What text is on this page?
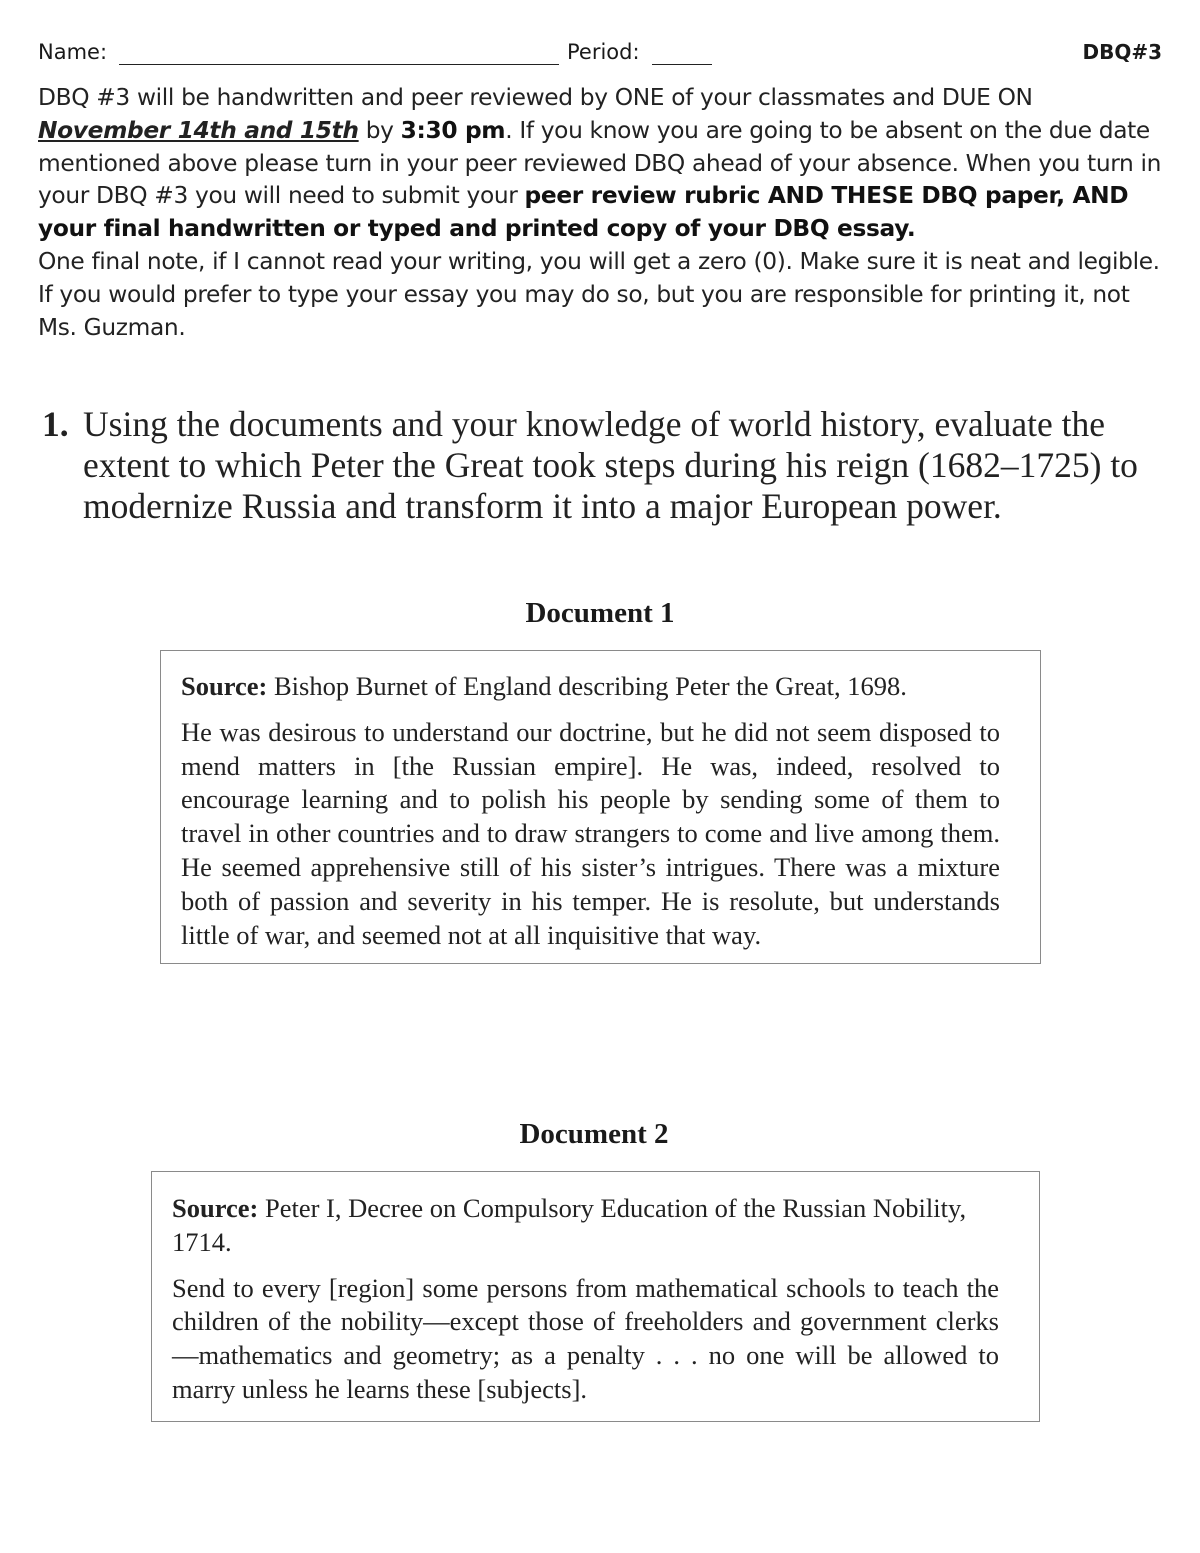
Name:	Period:	DBQ#3

DBQ #3 will be handwritten and peer reviewed by ONE of your classmates and DUE ON November 14th and 15th by 3:30 pm. If you know you are going to be absent on the due date mentioned above please turn in your peer reviewed DBQ ahead of your absence. When you turn in your DBQ #3 you will need to submit your peer review rubric AND THESE DBQ paper, AND your final handwritten or typed and printed copy of your DBQ essay.

One final note, if I cannot read your writing, you will get a zero (0). Make sure it is neat and legible. If you would prefer to type your essay you may do so, but you are responsible for printing it, not Ms. Guzman.

1. Using the documents and your knowledge of world history, evaluate the extent to which Peter the Great took steps during his reign (1682–1725) to modernize Russia and transform it into a major European power.
Document 1

Source: Bishop Burnet of England describing Peter the Great, 1698.

He was desirous to understand our doctrine, but he did not seem disposed to mend matters in [the Russian empire]. He was, indeed, resolved to encourage learning and to polish his people by sending some of them to travel in other countries and to draw strangers to come and live among them. He seemed apprehensive still of his sister’s intrigues. There was a mixture both of passion and severity in his temper. He is resolute, but understands little of war, and seemed not at all inquisitive that way.

Document 2

Source: Peter I, Decree on Compulsory Education of the Russian Nobility, 1714.

Send to every [region] some persons from mathematical schools to teach the children of the nobility—except those of freeholders and government clerks—mathematics and geometry; as a penalty . . . no one will be allowed to marry unless he learns these [subjects].
